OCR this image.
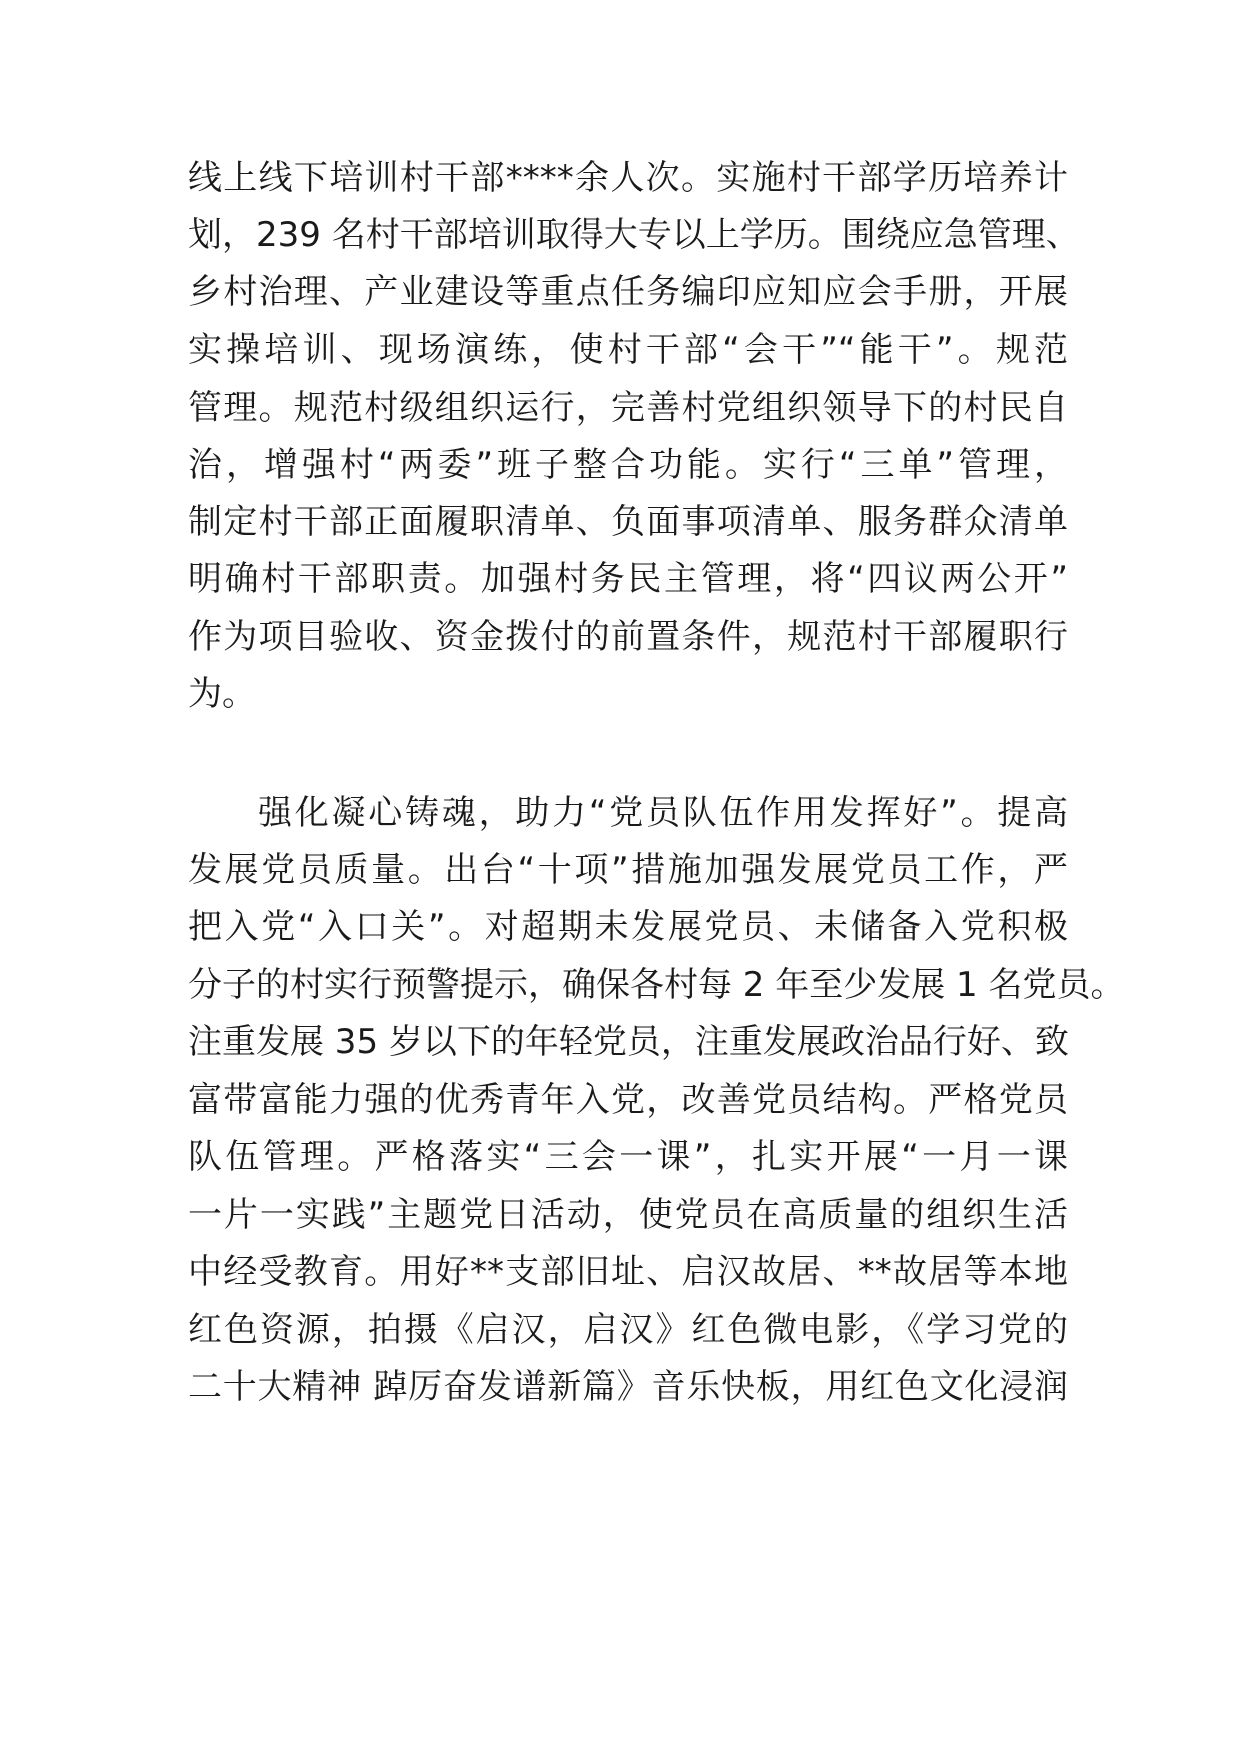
线上线下培训村干部****余人次。实施村干部学历培养计
划，239 名村干部培训取得大专以上学历。围绕应急管理、
乡村治理、产业建设等重点任务编印应知应会手册，开展
实操培训、现场演练，使村干部“会干”“能干”。规范
管理。规范村级组织运行，完善村党组织领导下的村民自
治，增强村“两委”班子整合功能。实行“三单”管理，
制定村干部正面履职清单、负面事项清单、服务群众清单
明确村干部职责。加强村务民主管理，将“四议两公开”
作为项目验收、资金拨付的前置条件，规范村干部履职行
为。
强化凝心铸魂，助力“党员队伍作用发挥好”。提高
发展党员质量。出台“十项”措施加强发展党员工作，严
把入党“入口关”。对超期未发展党员、未储备入党积极
分子的村实行预警提示，确保各村每 2 年至少发展 1 名党员。
注重发展 35 岁以下的年轻党员，注重发展政治品行好、致
富带富能力强的优秀青年入党，改善党员结构。严格党员
队伍管理。严格落实“三会一课”，扎实开展“一月一课
一片一实践”主题党日活动，使党员在高质量的组织生活
中经受教育。用好**支部旧址、启汉故居、**故居等本地
红色资源，拍摄《启汉，启汉》红色微电影，《学习党的
二十大精神 踔厉奋发谱新篇》音乐快板，用红色文化浸润
